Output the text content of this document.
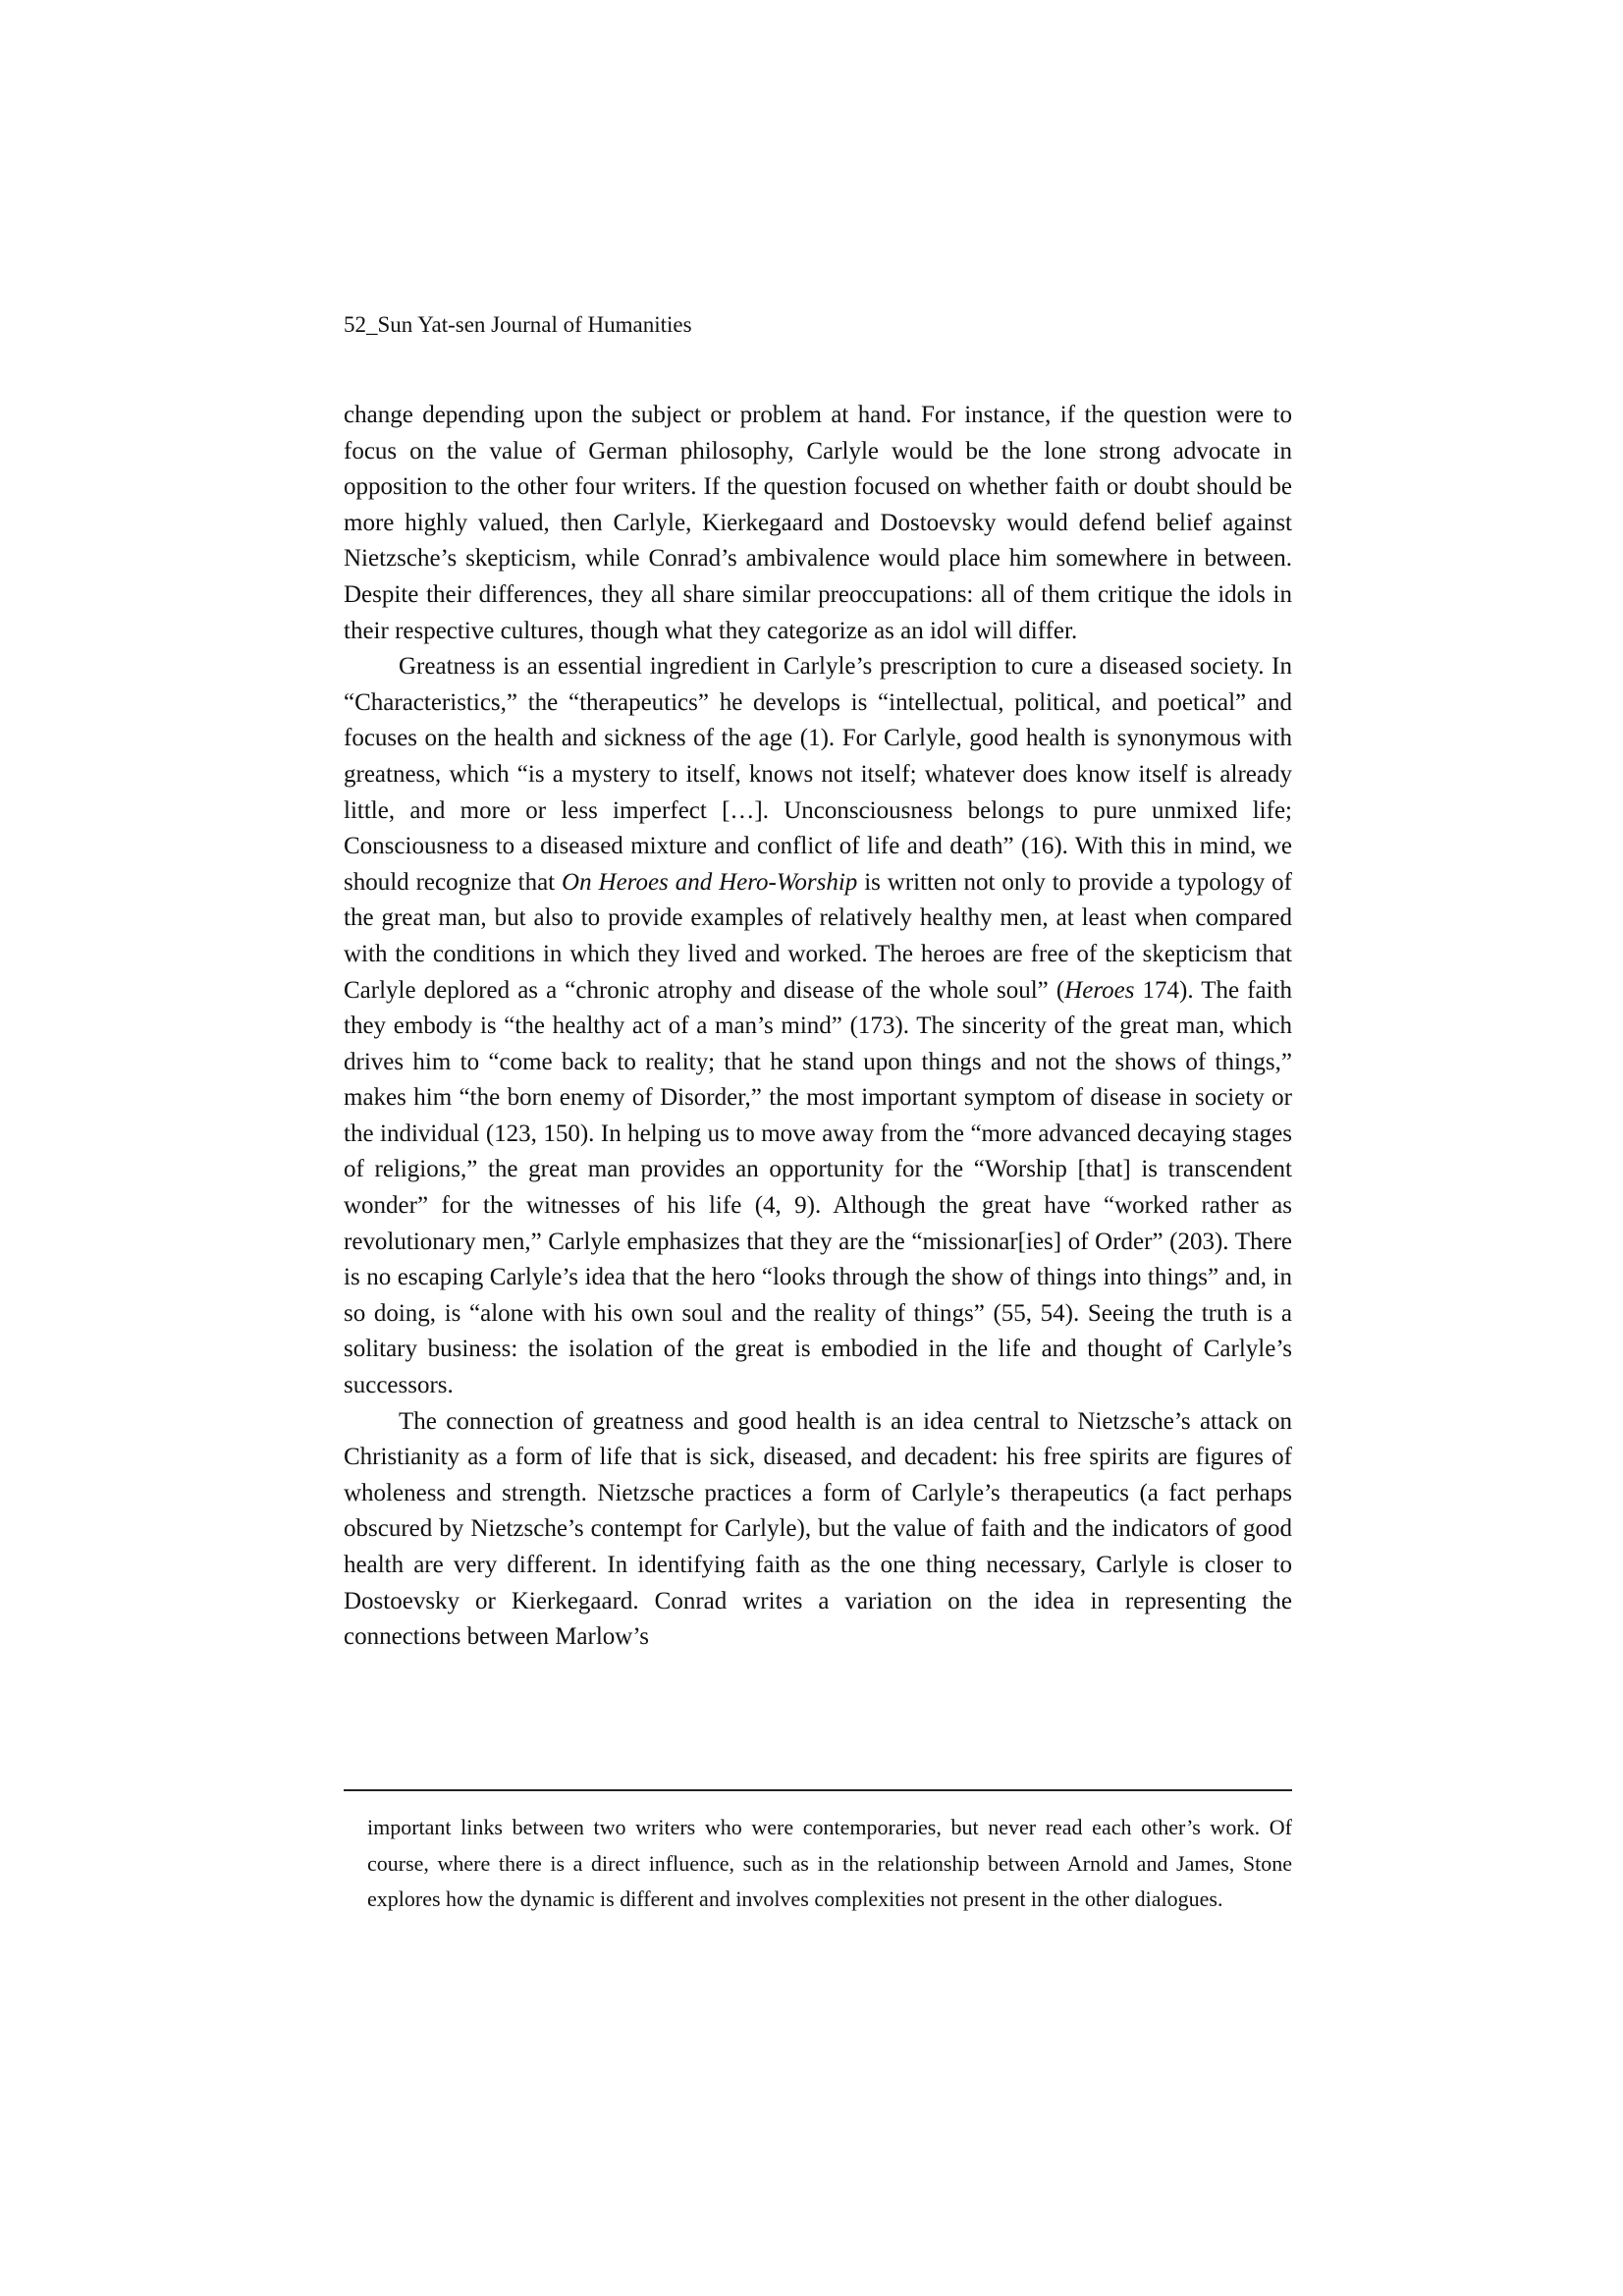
52_Sun Yat-sen Journal of Humanities

change depending upon the subject or problem at hand. For instance, if the question were to focus on the value of German philosophy, Carlyle would be the lone strong advocate in opposition to the other four writers. If the question focused on whether faith or doubt should be more highly valued, then Carlyle, Kierkegaard and Dostoevsky would defend belief against Nietzsche’s skepticism, while Conrad’s ambivalence would place him somewhere in between. Despite their differences, they all share similar preoccupations: all of them critique the idols in their respective cultures, though what they categorize as an idol will differ.

Greatness is an essential ingredient in Carlyle’s prescription to cure a diseased society. In “Characteristics,” the “therapeutics” he develops is “intellectual, political, and poetical” and focuses on the health and sickness of the age (1). For Carlyle, good health is synonymous with greatness, which “is a mystery to itself, knows not itself; whatever does know itself is already little, and more or less imperfect […]. Unconsciousness belongs to pure unmixed life; Consciousness to a diseased mixture and conflict of life and death” (16). With this in mind, we should recognize that On Heroes and Hero-Worship is written not only to provide a typology of the great man, but also to provide examples of relatively healthy men, at least when compared with the conditions in which they lived and worked. The heroes are free of the skepticism that Carlyle deplored as a “chronic atrophy and disease of the whole soul” (Heroes 174). The faith they embody is “the healthy act of a man’s mind” (173). The sincerity of the great man, which drives him to “come back to reality; that he stand upon things and not the shows of things,” makes him “the born enemy of Disorder,” the most important symptom of disease in society or the individual (123, 150). In helping us to move away from the “more advanced decaying stages of religions,” the great man provides an opportunity for the “Worship [that] is transcendent wonder” for the witnesses of his life (4, 9). Although the great have “worked rather as revolutionary men,” Carlyle emphasizes that they are the “missionar[ies] of Order” (203). There is no escaping Carlyle’s idea that the hero “looks through the show of things into things” and, in so doing, is “alone with his own soul and the reality of things” (55, 54). Seeing the truth is a solitary business: the isolation of the great is embodied in the life and thought of Carlyle’s successors.

The connection of greatness and good health is an idea central to Nietzsche’s attack on Christianity as a form of life that is sick, diseased, and decadent: his free spirits are figures of wholeness and strength. Nietzsche practices a form of Carlyle’s therapeutics (a fact perhaps obscured by Nietzsche’s contempt for Carlyle), but the value of faith and the indicators of good health are very different. In identifying faith as the one thing necessary, Carlyle is closer to Dostoevsky or Kierkegaard. Conrad writes a variation on the idea in representing the connections between Marlow’s

important links between two writers who were contemporaries, but never read each other’s work. Of course, where there is a direct influence, such as in the relationship between Arnold and James, Stone explores how the dynamic is different and involves complexities not present in the other dialogues.
